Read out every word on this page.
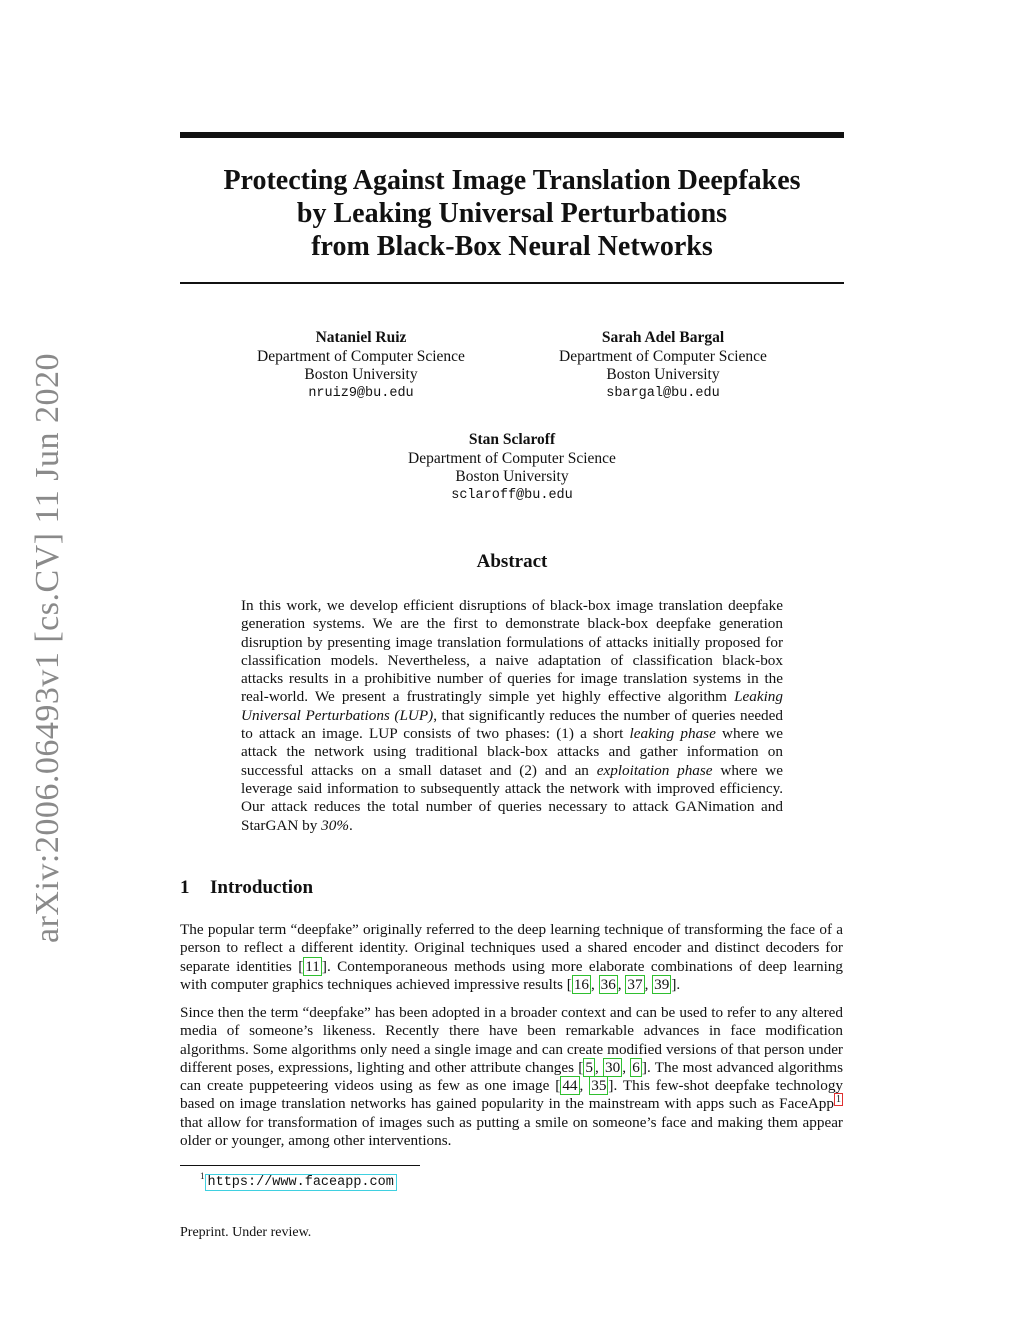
arXiv:2006.06493v1 [cs.CV] 11 Jun 2020
Protecting Against Image Translation Deepfakes
by Leaking Universal Perturbations
from Black-Box Neural Networks
Nataniel Ruiz
Department of Computer Science
Boston University
nruiz9@bu.edu
Sarah Adel Bargal
Department of Computer Science
Boston University
sbargal@bu.edu
Stan Sclaroff
Department of Computer Science
Boston University
sclaroff@bu.edu
Abstract
In this work, we develop efficient disruptions of black-box image translation deepfake generation systems. We are the first to demonstrate black-box deepfake generation disruption by presenting image translation formulations of attacks initially proposed for classification models. Nevertheless, a naive adaptation of classification black-box attacks results in a prohibitive number of queries for image translation systems in the real-world. We present a frustratingly simple yet highly effective algorithm Leaking Universal Perturbations (LUP), that significantly reduces the number of queries needed to attack an image. LUP consists of two phases: (1) a short leaking phase where we attack the network using traditional black-box attacks and gather information on successful attacks on a small dataset and (2) and an exploitation phase where we leverage said information to subsequently attack the network with improved efficiency. Our attack reduces the total number of queries necessary to attack GANimation and StarGAN by 30%.
1 Introduction
The popular term “deepfake” originally referred to the deep learning technique of transforming the face of a person to reflect a different identity. Original techniques used a shared encoder and distinct decoders for separate identities [ 11 ]. Contemporaneous methods using more elaborate combinations of deep learning with computer graphics techniques achieved impressive results [ 16 , 36 , 37 , 39 ].
Since then the term “deepfake” has been adopted in a broader context and can be used to refer to any altered media of someone’s likeness. Recently there have been remarkable advances in face modification algorithms. Some algorithms only need a single image and can create modified versions of that person under different poses, expressions, lighting and other attribute changes [ 5 , 30 , 6 ]. The most advanced algorithms can create puppeteering videos using as few as one image [ 44 , 35 ]. This few-shot deepfake technology based on image translation networks has gained popularity in the mainstream with apps such as FaceApp $^1$ that allow for transformation of images such as putting a smile on someone’s face and making them appear older or younger, among other interventions.
$^1$ https://www.faceapp.com
Preprint. Under review.
